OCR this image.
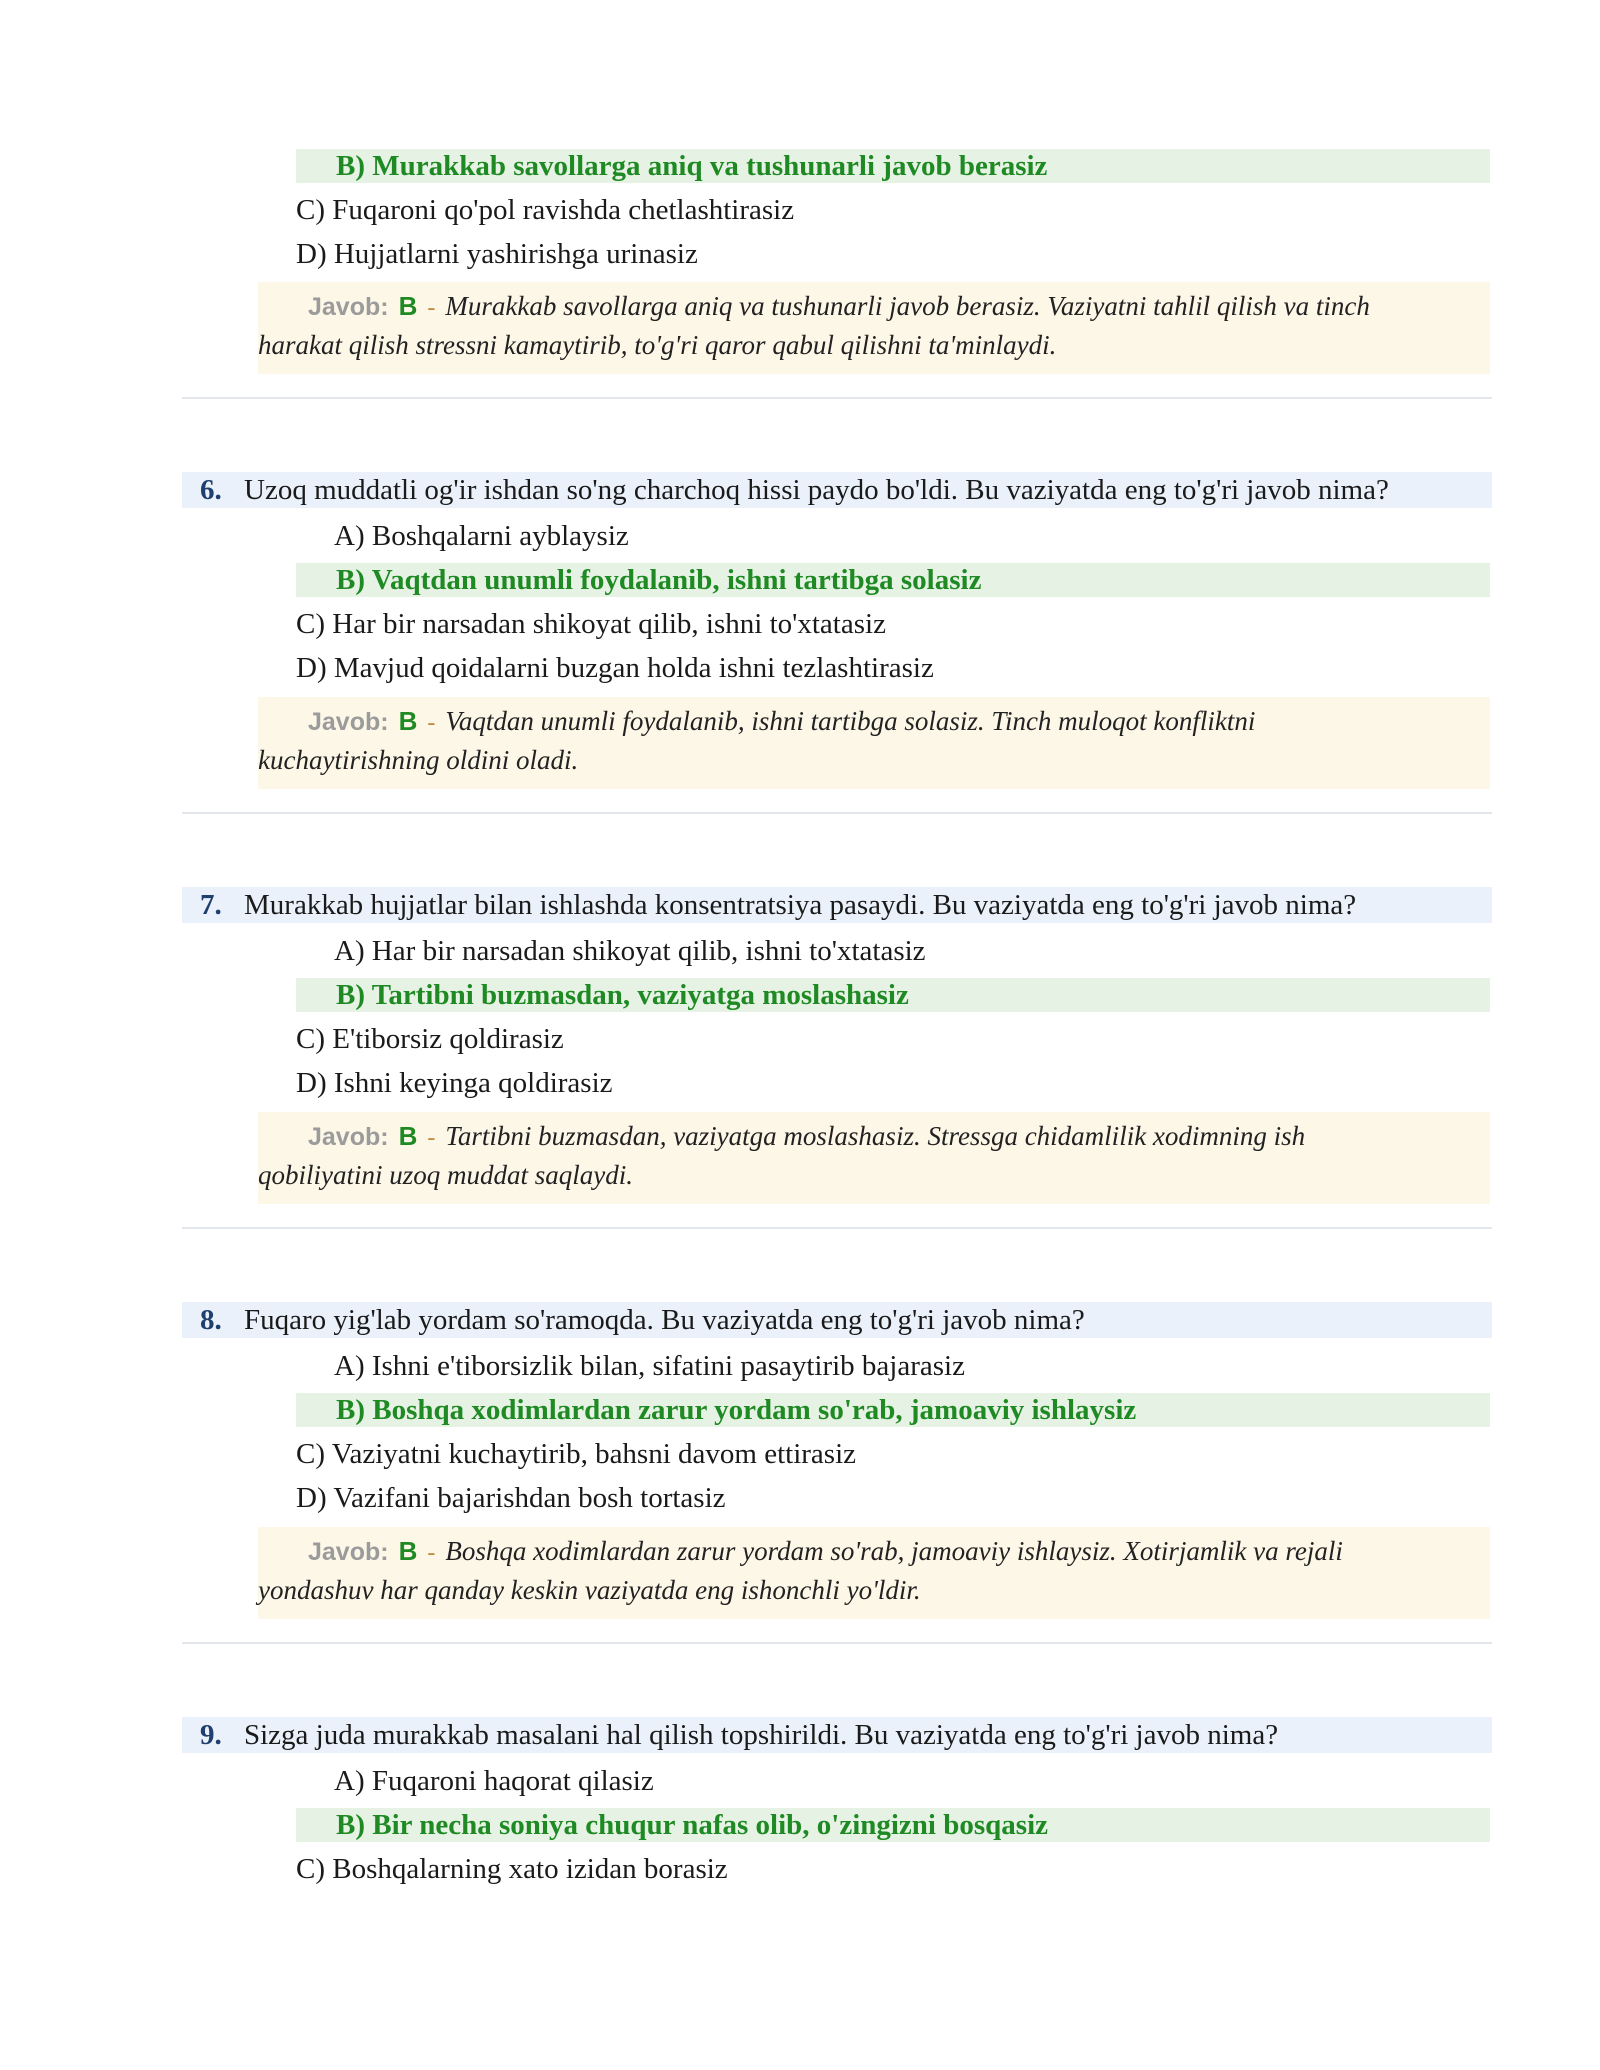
B) Murakkab savollarga aniq va tushunarli javob berasiz
C) Fuqaroni qo'pol ravishda chetlashtirasiz
D) Hujjatlarni yashirishga urinasiz
Javob: B - Murakkab savollarga aniq va tushunarli javob berasiz. Vaziyatni tahlil qilish va tinch
harakat qilish stressni kamaytirib, to'g'ri qaror qabul qilishni ta'minlaydi.
6. Uzoq muddatli og'ir ishdan so'ng charchoq hissi paydo bo'ldi. Bu vaziyatda eng to'g'ri javob nima?
A) Boshqalarni ayblaysiz
B) Vaqtdan unumli foydalanib, ishni tartibga solasiz
C) Har bir narsadan shikoyat qilib, ishni to'xtatasiz
D) Mavjud qoidalarni buzgan holda ishni tezlashtirasiz
Javob: B - Vaqtdan unumli foydalanib, ishni tartibga solasiz. Tinch muloqot konfliktni
kuchaytirishning oldini oladi.
7. Murakkab hujjatlar bilan ishlashda konsentratsiya pasaydi. Bu vaziyatda eng to'g'ri javob nima?
A) Har bir narsadan shikoyat qilib, ishni to'xtatasiz
B) Tartibni buzmasdan, vaziyatga moslashasiz
C) E'tiborsiz qoldirasiz
D) Ishni keyinga qoldirasiz
Javob: B - Tartibni buzmasdan, vaziyatga moslashasiz. Stressga chidamlilik xodimning ish
qobiliyatini uzoq muddat saqlaydi.
8. Fuqaro yig'lab yordam so'ramoqda. Bu vaziyatda eng to'g'ri javob nima?
A) Ishni e'tiborsizlik bilan, sifatini pasaytirib bajarasiz
B) Boshqa xodimlardan zarur yordam so'rab, jamoaviy ishlaysiz
C) Vaziyatni kuchaytirib, bahsni davom ettirasiz
D) Vazifani bajarishdan bosh tortasiz
Javob: B - Boshqa xodimlardan zarur yordam so'rab, jamoaviy ishlaysiz. Xotirjamlik va rejali
yondashuv har qanday keskin vaziyatda eng ishonchli yo'ldir.
9. Sizga juda murakkab masalani hal qilish topshirildi. Bu vaziyatda eng to'g'ri javob nima?
A) Fuqaroni haqorat qilasiz
B) Bir necha soniya chuqur nafas olib, o'zingizni bosqasiz
C) Boshqalarning xato izidan borasiz
